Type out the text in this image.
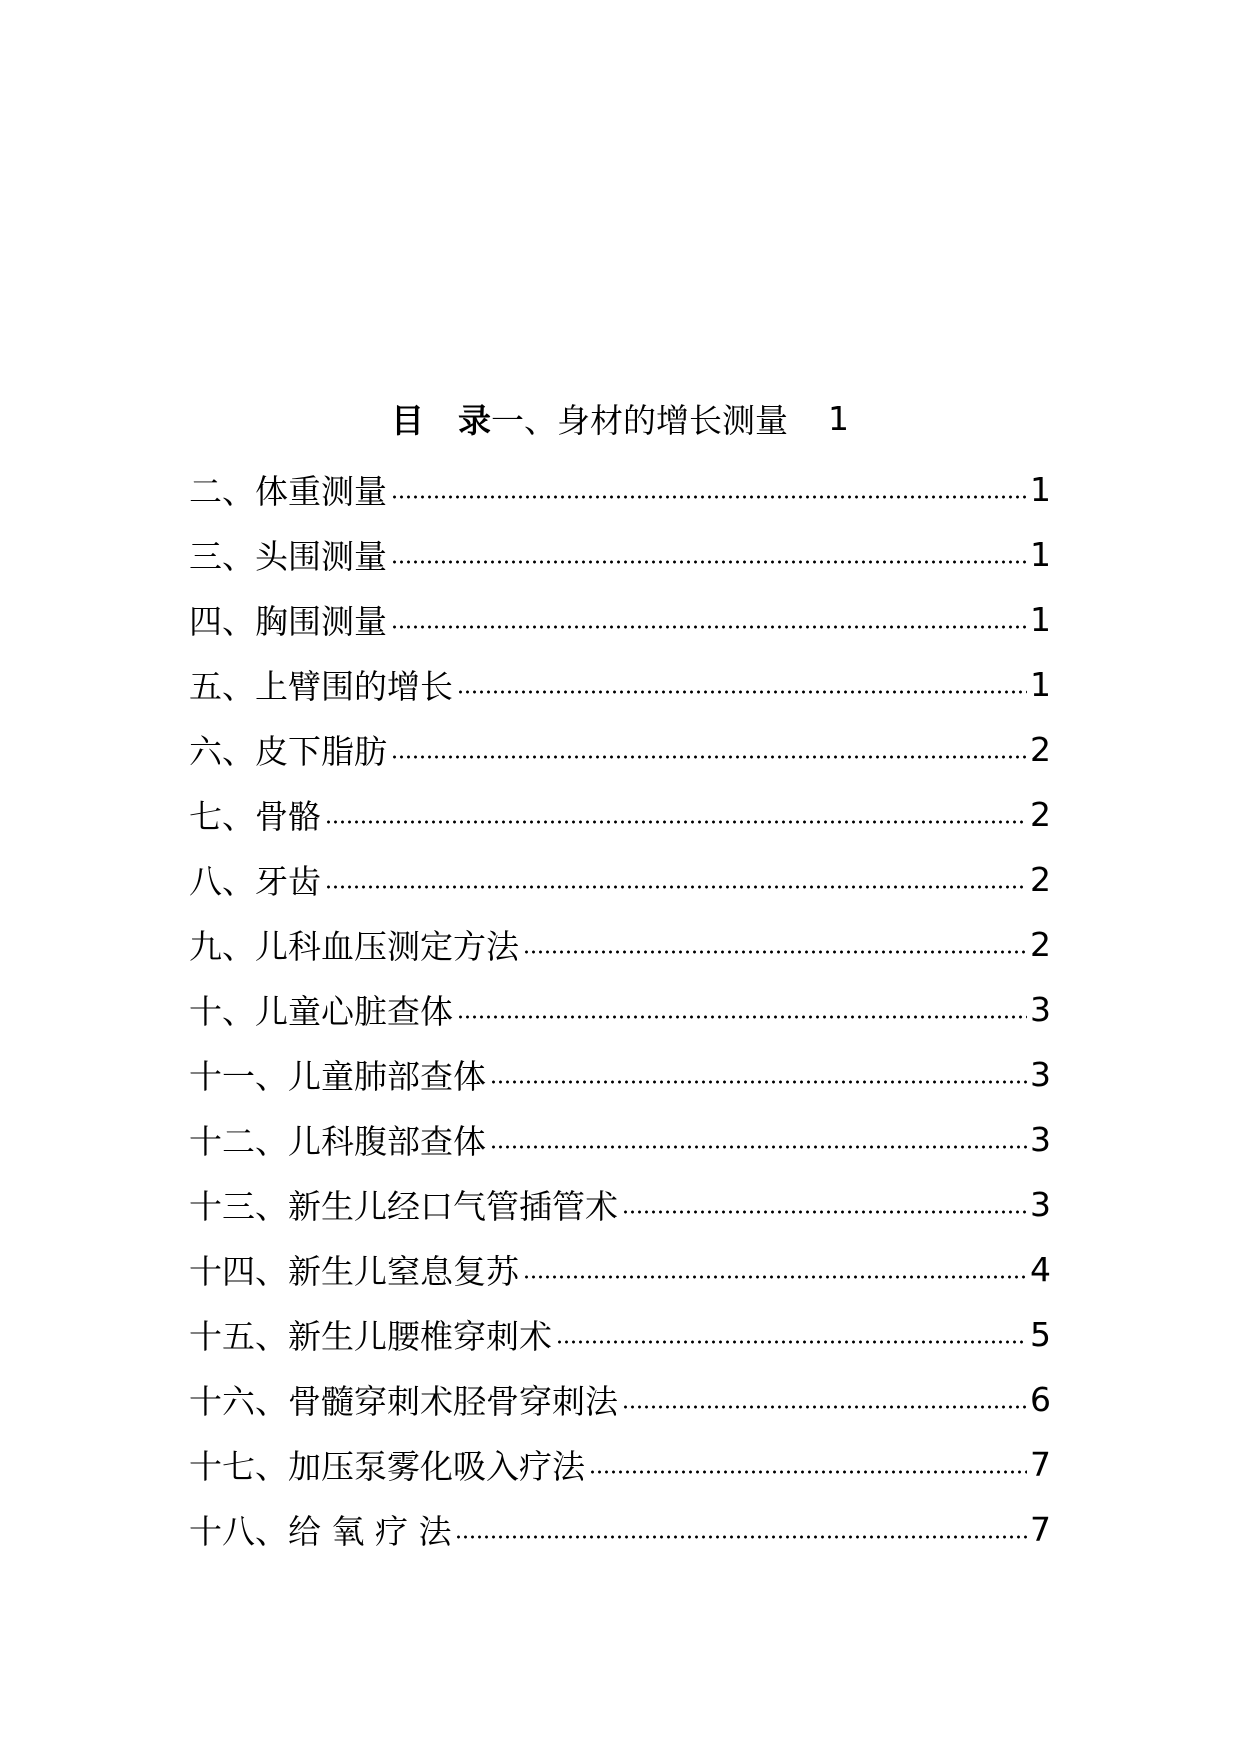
目 录 一、身材的增长测量 1
二、体重测量	1
三、头围测量	1
四、胸围测量	1
五、上臂围的增长	1
六、皮下脂肪	2
七、骨骼	2
八、牙齿	2
九、儿科血压测定方法	2
十、儿童心脏查体	3
十一、儿童肺部查体	3
十二、儿科腹部查体	3
十三、新生儿经口气管插管术	3
十四、新生儿窒息复苏	4
十五、新生儿腰椎穿刺术	5
十六、骨髓穿刺术胫骨穿刺法	6
十七、加压泵雾化吸入疗法	7
十八、给 氧 疗 法	7
